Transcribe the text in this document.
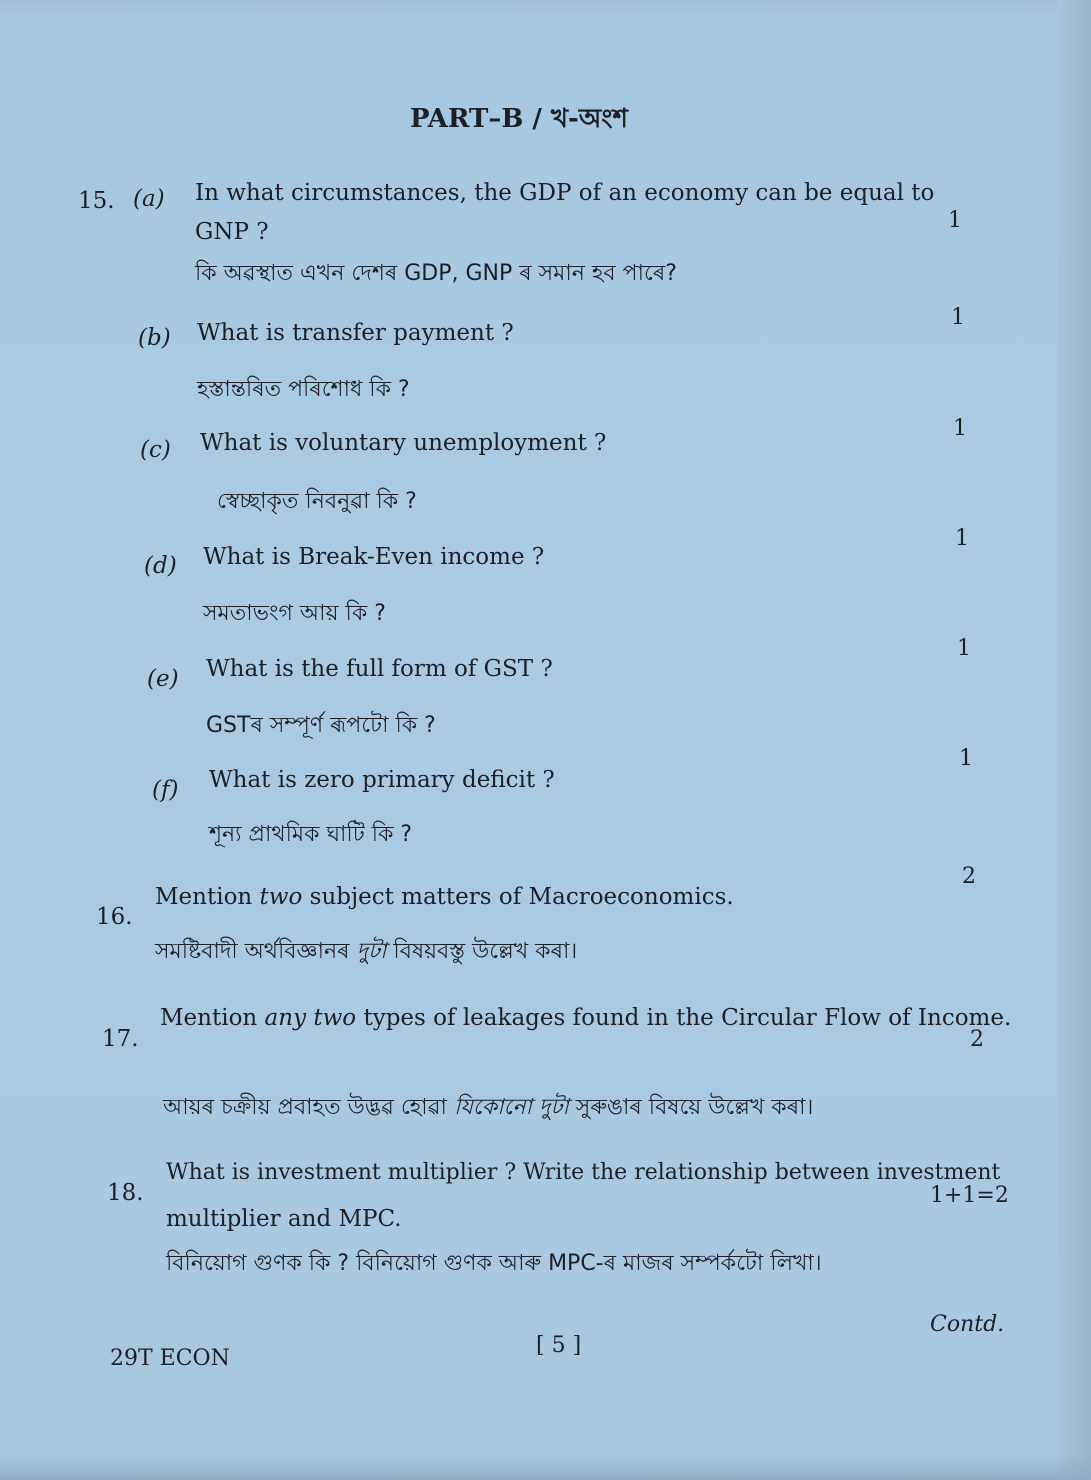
PART–B / খ-অংশ
15. (a) In what circumstances, the GDP of an economy can be equal to
GNP ?	1
কি অৱস্থাত এখন দেশৰ GDP, GNP ৰ সমান হব পাৰে?
(b) What is transfer payment ?
1
হস্তান্তৰিত পৰিশোধ কি ?
(c) What is voluntary unemployment ?
1
স্বেচ্ছাকৃত নিবনুৱা কি ?
(d) What is Break-Even income ?
1
সমতাভংগ আয় কি ?
(e) What is the full form of GST ?
1
GSTৰ সম্পূৰ্ণ ৰূপটো কি ?
(f) What is zero primary deficit ?
1
শূন্য প্ৰাথমিক ঘাটি কি ?
16.
Mention two subject matters of Macroeconomics.
2
সমষ্টিবাদী অৰ্থবিজ্ঞানৰ দুটা বিষয়বস্তু উল্লেখ কৰা।
17.
Mention any two types of leakages found in the Circular Flow of Income.
2
আয়ৰ চক্ৰীয় প্ৰবাহত উদ্ভৱ হোৱা যিকোনো দুটা সুৰুঙাৰ বিষয়ে উল্লেখ কৰা।
18.
What is investment multiplier ? Write the relationship between investment
multiplier and MPC.
1+1=2
বিনিয়োগ গুণক কি ? বিনিয়োগ গুণক আৰু MPC-ৰ মাজৰ সম্পৰ্কটো লিখা।
29T ECON
[ 5 ]
Contd.
